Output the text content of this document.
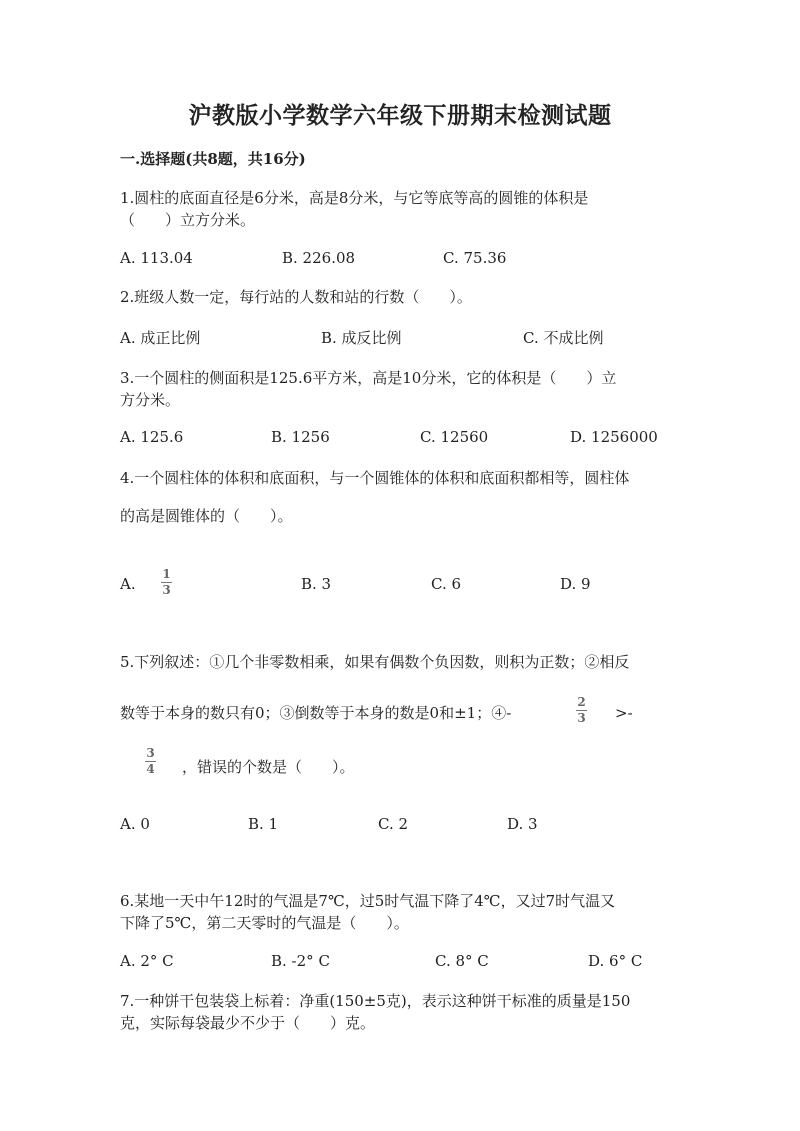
沪教版小学数学六年级下册期末检测试题
一.选择题(共8题，共16分)
1.圆柱的底面直径是6分米，高是8分米，与它等底等高的圆锥的体积是
（　　）立方分米。
A. 113.04	B. 226.08	C. 75.36
2.班级人数一定，每行站的人数和站的行数（　　）。
A. 成正比例	B. 成反比例	C. 不成比例
3.一个圆柱的侧面积是125.6平方米，高是10分米，它的体积是（　　）立
方分米。
A. 125.6	B. 1256	C. 12560	D. 1256000
4.一个圆柱体的体积和底面积，与一个圆锥体的体积和底面积都相等，圆柱体
的高是圆锥体的（　　）。
A.
1
3	B. 3	C. 6	D. 9
5.下列叙述：①几个非零数相乘，如果有偶数个负因数，则积为正数；②相反
数等于本身的数只有0；③倒数等于本身的数是0和±1；④-
2
3 >-
3
4 ，错误的个数是（　　）。
A. 0	B. 1	C. 2	D. 3
6.某地一天中午12时的气温是7℃，过5时气温下降了4℃，又过7时气温又
下降了5℃，第二天零时的气温是（　　）。
A. 2° C	B. -2° C	C. 8° C	D. 6° C
7.一种饼干包装袋上标着：净重(150±5克)，表示这种饼干标准的质量是150
克，实际每袋最少不少于（　　）克。
